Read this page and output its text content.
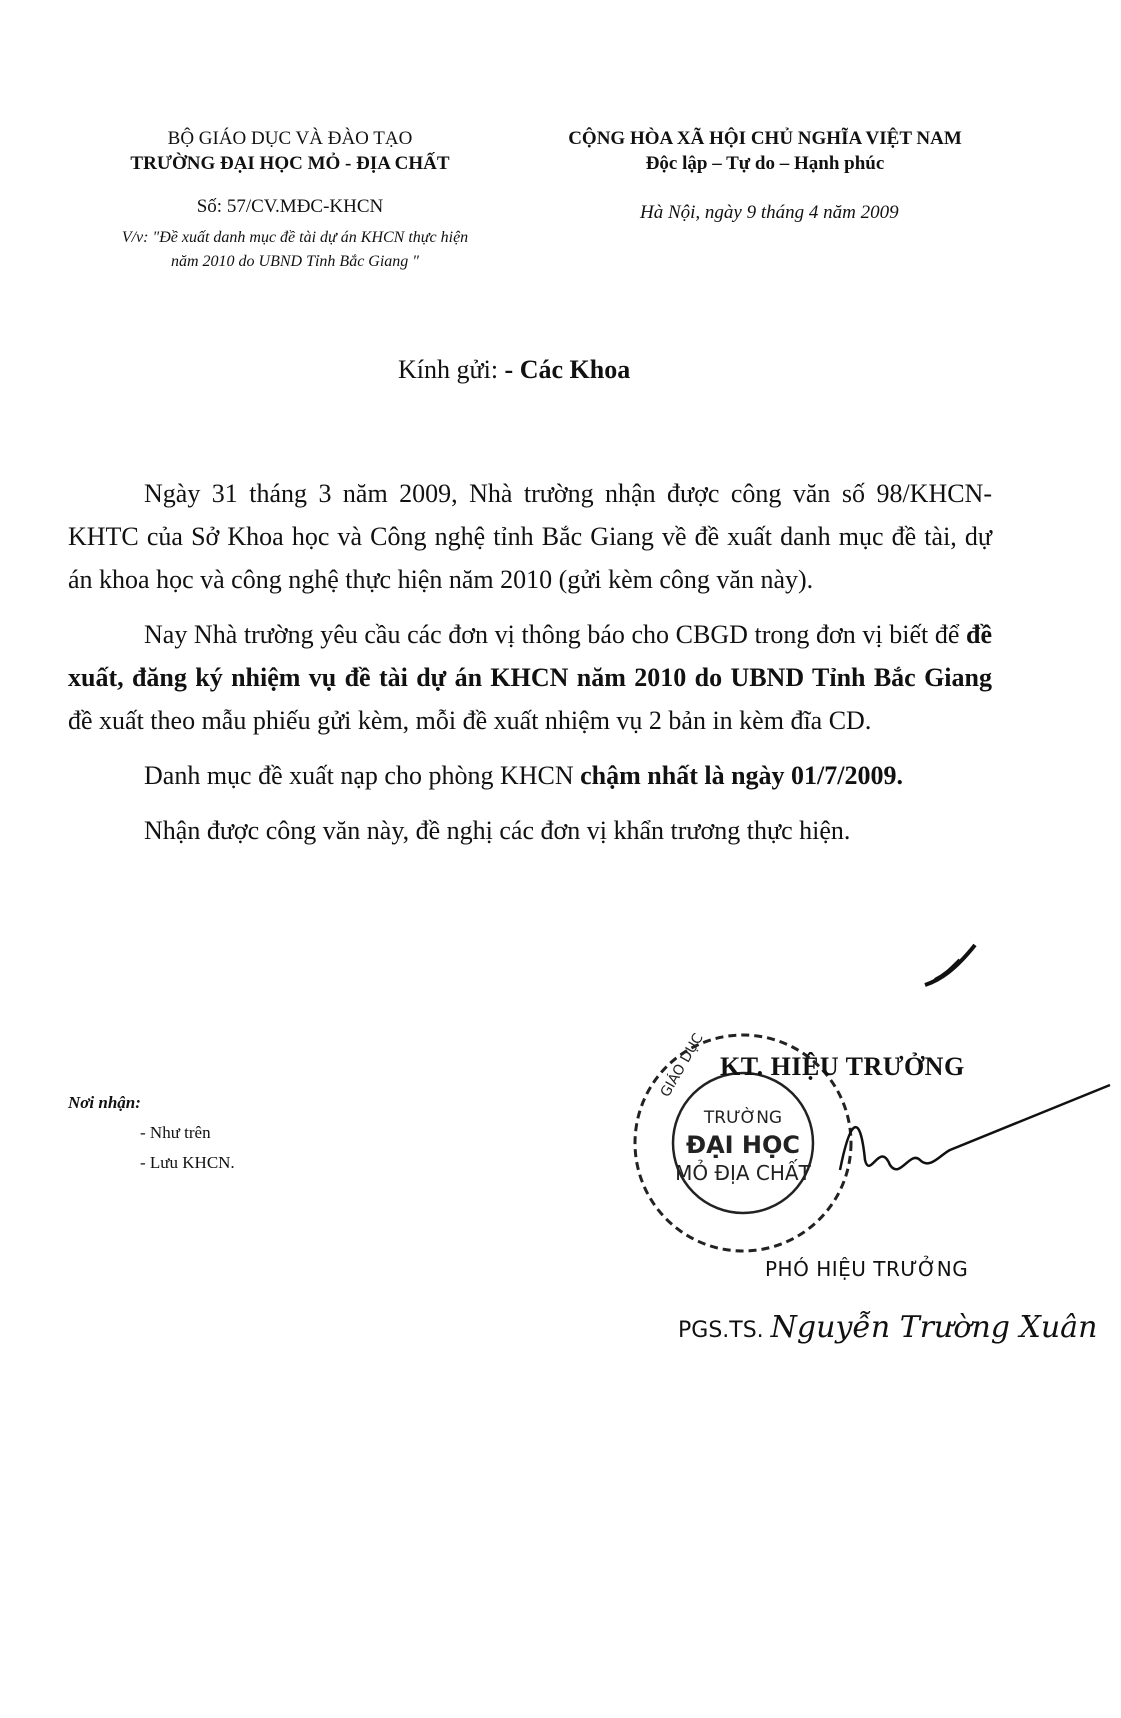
BỘ GIÁO DỤC VÀ ĐÀO TẠO
TRƯỜNG ĐẠI HỌC MỎ - ĐỊA CHẤT
CỘNG HÒA XÃ HỘI CHỦ NGHĨA VIỆT NAM
Độc lập – Tự do – Hạnh phúc
Số: 57/CV.MĐC-KHCN
V/v: "Đề xuất danh mục đề tài dự án KHCN thực hiện
năm 2010 do UBND Tỉnh Bắc Giang "
Hà Nội, ngày 9 tháng 4 năm 2009
Kính gửi: - Các Khoa

Ngày 31 tháng 3 năm 2009, Nhà trường nhận được công văn số 98/KHCN-KHTC của Sở Khoa học và Công nghệ tỉnh Bắc Giang về đề xuất danh mục đề tài, dự án khoa học và công nghệ thực hiện năm 2010 (gửi kèm công văn này).

Nay Nhà trường yêu cầu các đơn vị thông báo cho CBGD trong đơn vị biết để đề xuất, đăng ký nhiệm vụ đề tài dự án KHCN năm 2010 do UBND Tỉnh Bắc Giang đề xuất theo mẫu phiếu gửi kèm, mỗi đề xuất nhiệm vụ 2 bản in kèm đĩa CD.

Danh mục đề xuất nạp cho phòng KHCN chậm nhất là ngày 01/7/2009.

Nhận được công văn này, đề nghị các đơn vị khẩn trương thực hiện.

Nơi nhận:
- Như trên
- Lưu KHCN.
TRƯỜNG
ĐẠI HỌC
MỎ ĐỊA CHẤT
GIÁO DỤC KT. HIỆU TRƯỞNG
PHÓ HIỆU TRƯỞNG
PGS.TS. Nguyễn Trường Xuân
